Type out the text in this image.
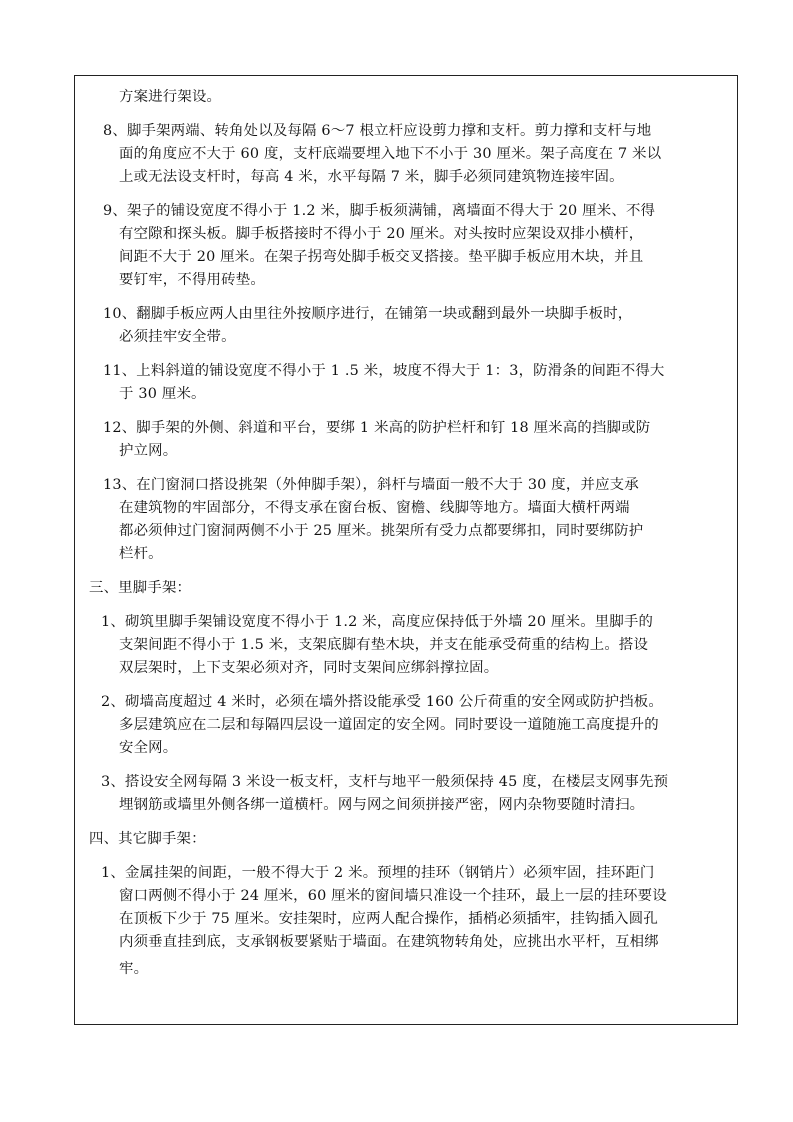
方案进行架设。
8、脚手架两端、转角处以及每隔 6～7 根立杆应设剪力撑和支杆。剪力撑和支杆与地
面的角度应不大于 60 度，支杆底端要埋入地下不小于 30 厘米。架子高度在 7 米以
上或无法设支杆时，每高 4 米，水平每隔 7 米，脚手必须同建筑物连接牢固。
9、架子的铺设宽度不得小于 1.2 米，脚手板须满铺，离墙面不得大于 20 厘米、不得
有空隙和探头板。脚手板搭接时不得小于 20 厘米。对头按时应架设双排小横杆，
间距不大于 20 厘米。在架子拐弯处脚手板交叉搭接。垫平脚手板应用木块，并且
要钉牢，不得用砖垫。
10、翻脚手板应两人由里往外按顺序进行，在铺第一块或翻到最外一块脚手板时，
必须挂牢安全带。
11、上料斜道的铺设宽度不得小于 1 .5 米，坡度不得大于 1：3，防滑条的间距不得大
于 30 厘米。
12、脚手架的外侧、斜道和平台，要绑 1 米高的防护栏杆和钉 18 厘米高的挡脚或防
护立网。
13、在门窗洞口搭设挑架（外伸脚手架），斜杆与墙面一般不大于 30 度，并应支承
在建筑物的牢固部分，不得支承在窗台板、窗檐、线脚等地方。墙面大横杆两端
都必须伸过门窗洞两侧不小于 25 厘米。挑架所有受力点都要绑扣，同时要绑防护
栏杆。
三、里脚手架：
1、砌筑里脚手架铺设宽度不得小于 1.2 米，高度应保持低于外墙 20 厘米。里脚手的
支架间距不得小于 1.5 米，支架底脚有垫木块，并支在能承受荷重的结构上。搭设
双层架时，上下支架必须对齐，同时支架间应绑斜撑拉固。
2、砌墙高度超过 4 米时，必须在墙外搭设能承受 160 公斤荷重的安全网或防护挡板。
多层建筑应在二层和每隔四层设一道固定的安全网。同时要设一道随施工高度提升的
安全网。
3、搭设安全网每隔 3 米设一板支杆，支杆与地平一般须保持 45 度，在楼层支网事先预
埋钢筋或墙里外侧各绑一道横杆。网与网之间须拼接严密，网内杂物要随时清扫。
四、其它脚手架：
1、金属挂架的间距，一般不得大于 2 米。预埋的挂环（钢销片）必须牢固，挂环距门
窗口两侧不得小于 24 厘米，60 厘米的窗间墙只准设一个挂环，最上一层的挂环要设
在顶板下少于 75 厘米。安挂架时，应两人配合操作，插梢必须插牢，挂钩插入圆孔
内须垂直挂到底，支承钢板要紧贴于墙面。在建筑物转角处，应挑出水平杆，互相绑
牢。
